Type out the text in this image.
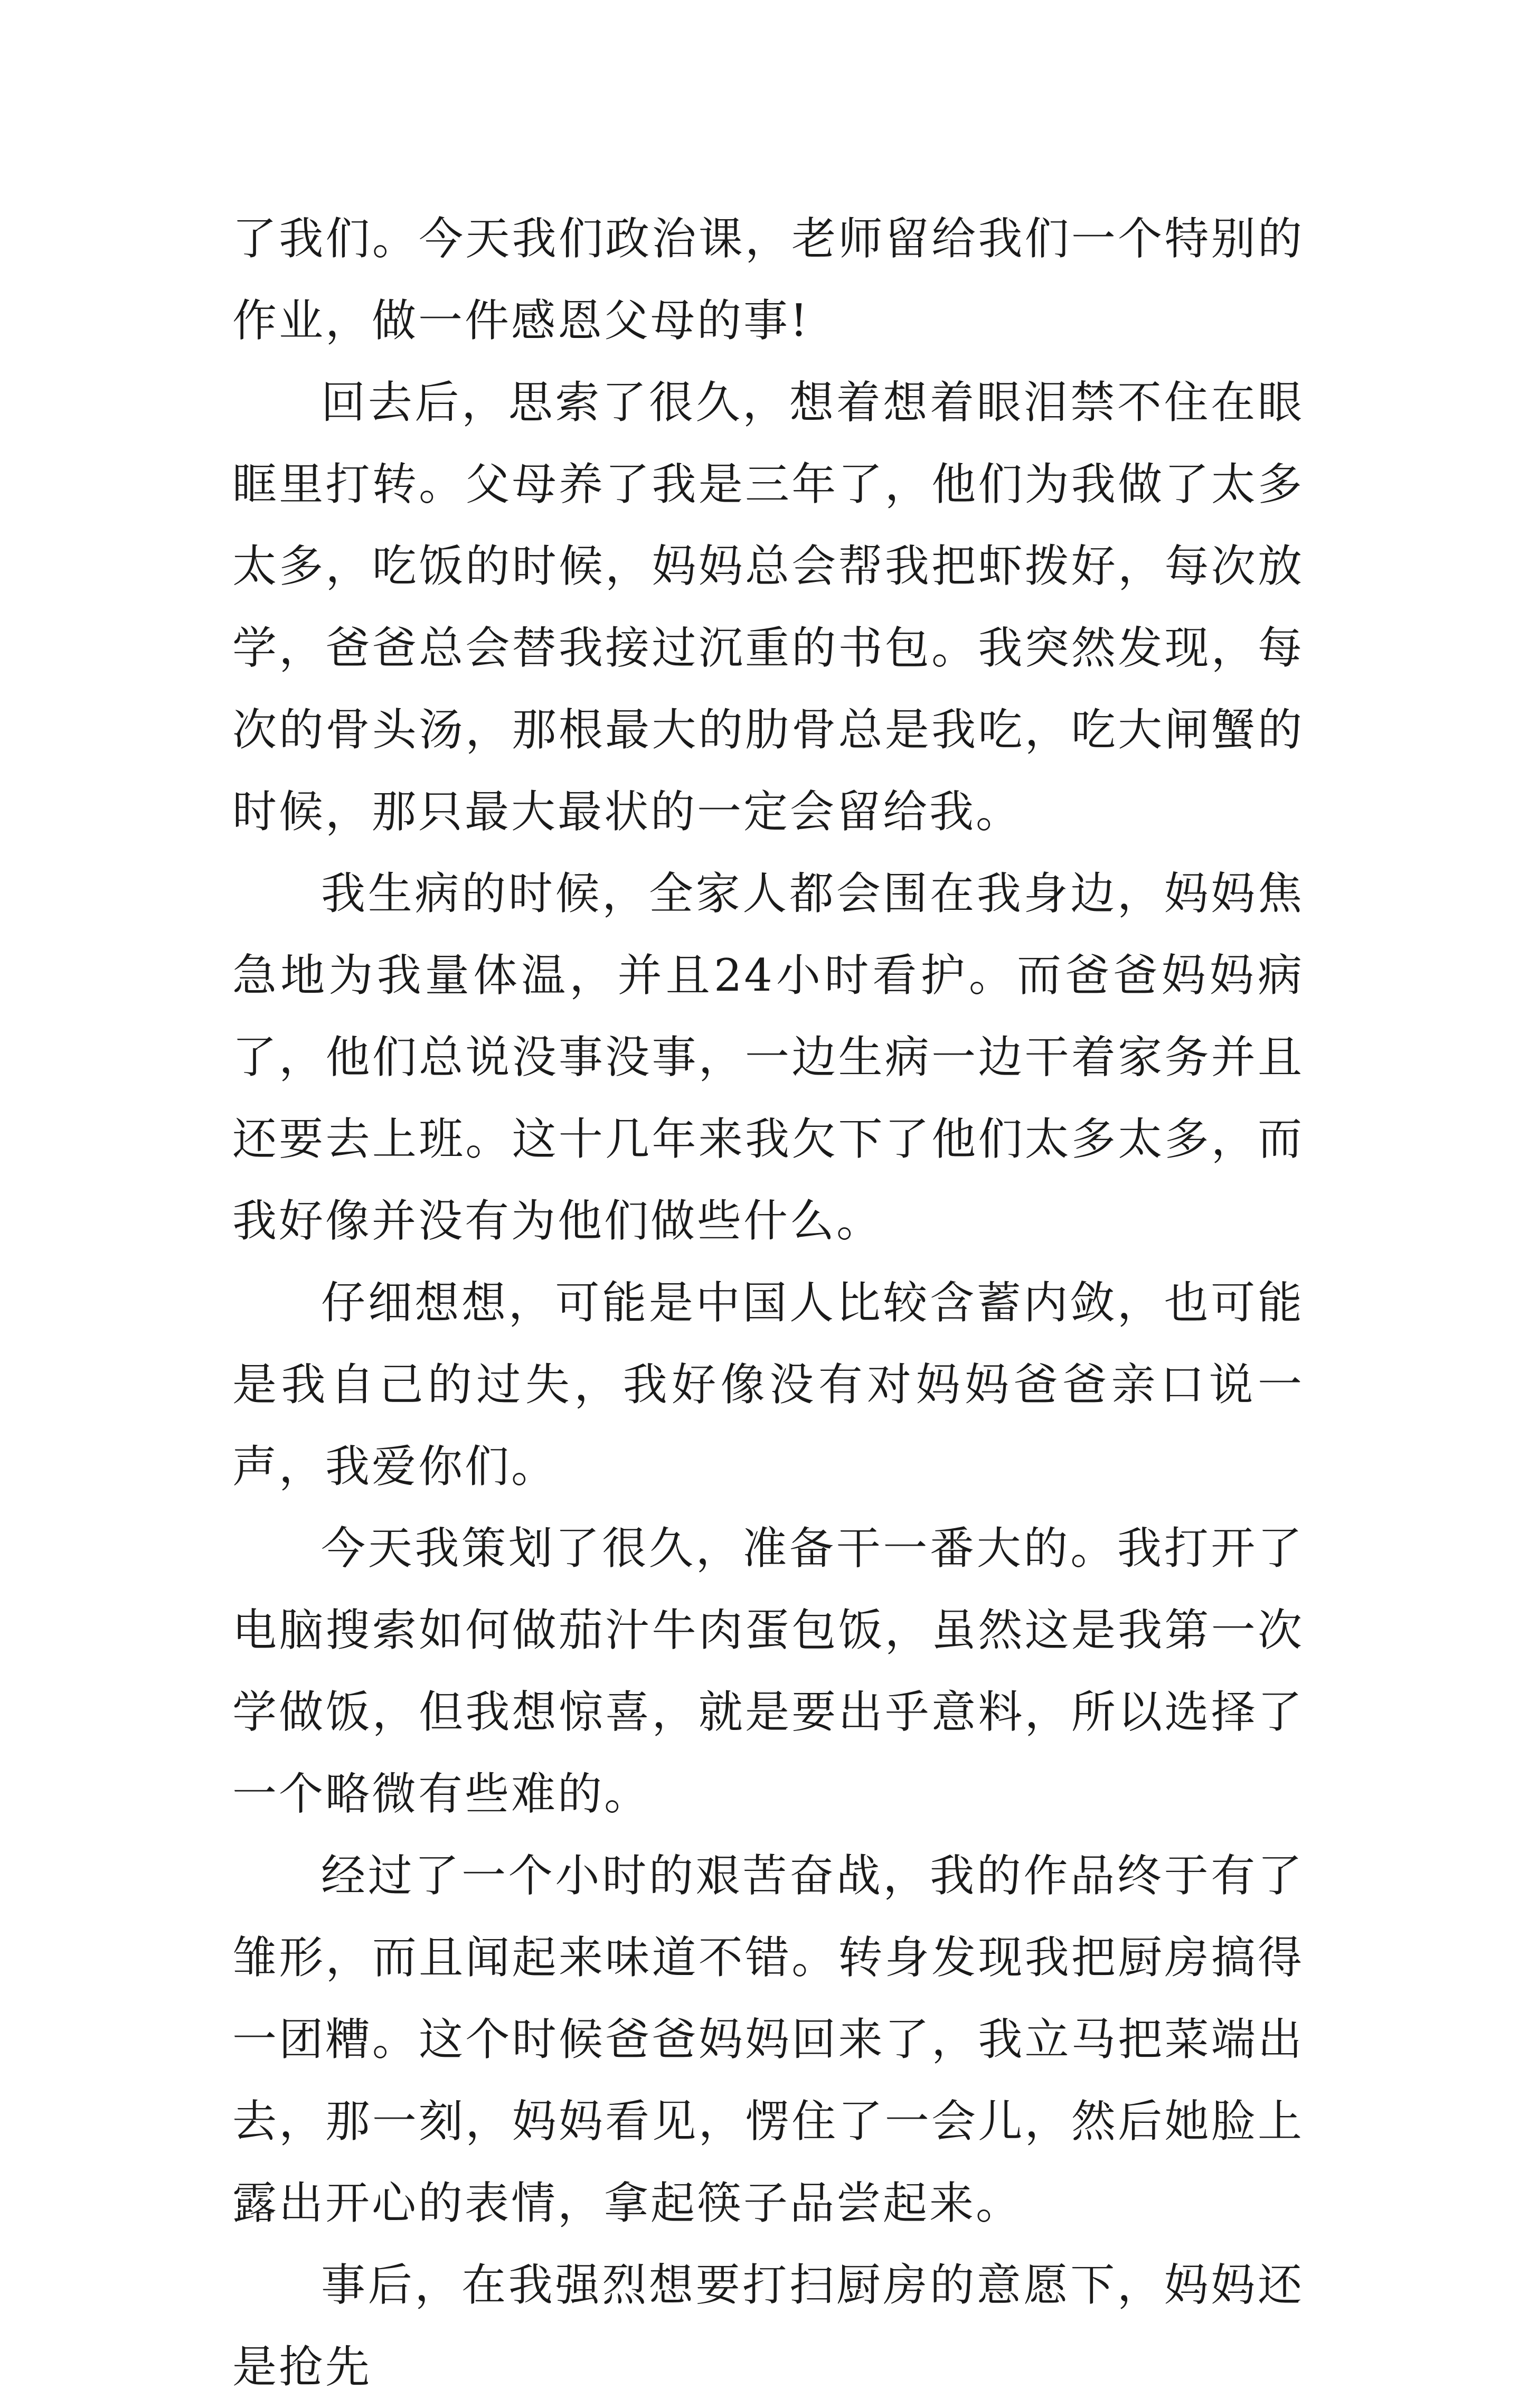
了我们。今天我们政治课，老师留给我们一个特别的作业，做一件感恩父母的事!

回去后，思索了很久，想着想着眼泪禁不住在眼眶里打转。父母养了我是三年了，他们为我做了太多太多，吃饭的时候，妈妈总会帮我把虾拨好，每次放学，爸爸总会替我接过沉重的书包。我突然发现，每次的骨头汤，那根最大的肋骨总是我吃，吃大闸蟹的时候，那只最大最状的一定会留给我。

我生病的时候，全家人都会围在我身边，妈妈焦急地为我量体温，并且24小时看护。而爸爸妈妈病了，他们总说没事没事，一边生病一边干着家务并且还要去上班。这十几年来我欠下了他们太多太多，而我好像并没有为他们做些什么。

仔细想想，可能是中国人比较含蓄内敛，也可能是我自己的过失，我好像没有对妈妈爸爸亲口说一声，我爱你们。

今天我策划了很久，准备干一番大的。我打开了电脑搜索如何做茄汁牛肉蛋包饭，虽然这是我第一次学做饭，但我想惊喜，就是要出乎意料，所以选择了一个略微有些难的。

经过了一个小时的艰苦奋战，我的作品终于有了雏形，而且闻起来味道不错。转身发现我把厨房搞得一团糟。这个时候爸爸妈妈回来了，我立马把菜端出去，那一刻，妈妈看见，愣住了一会儿，然后她脸上露出开心的表情，拿起筷子品尝起来。

事后，在我强烈想要打扫厨房的意愿下，妈妈还是抢先
